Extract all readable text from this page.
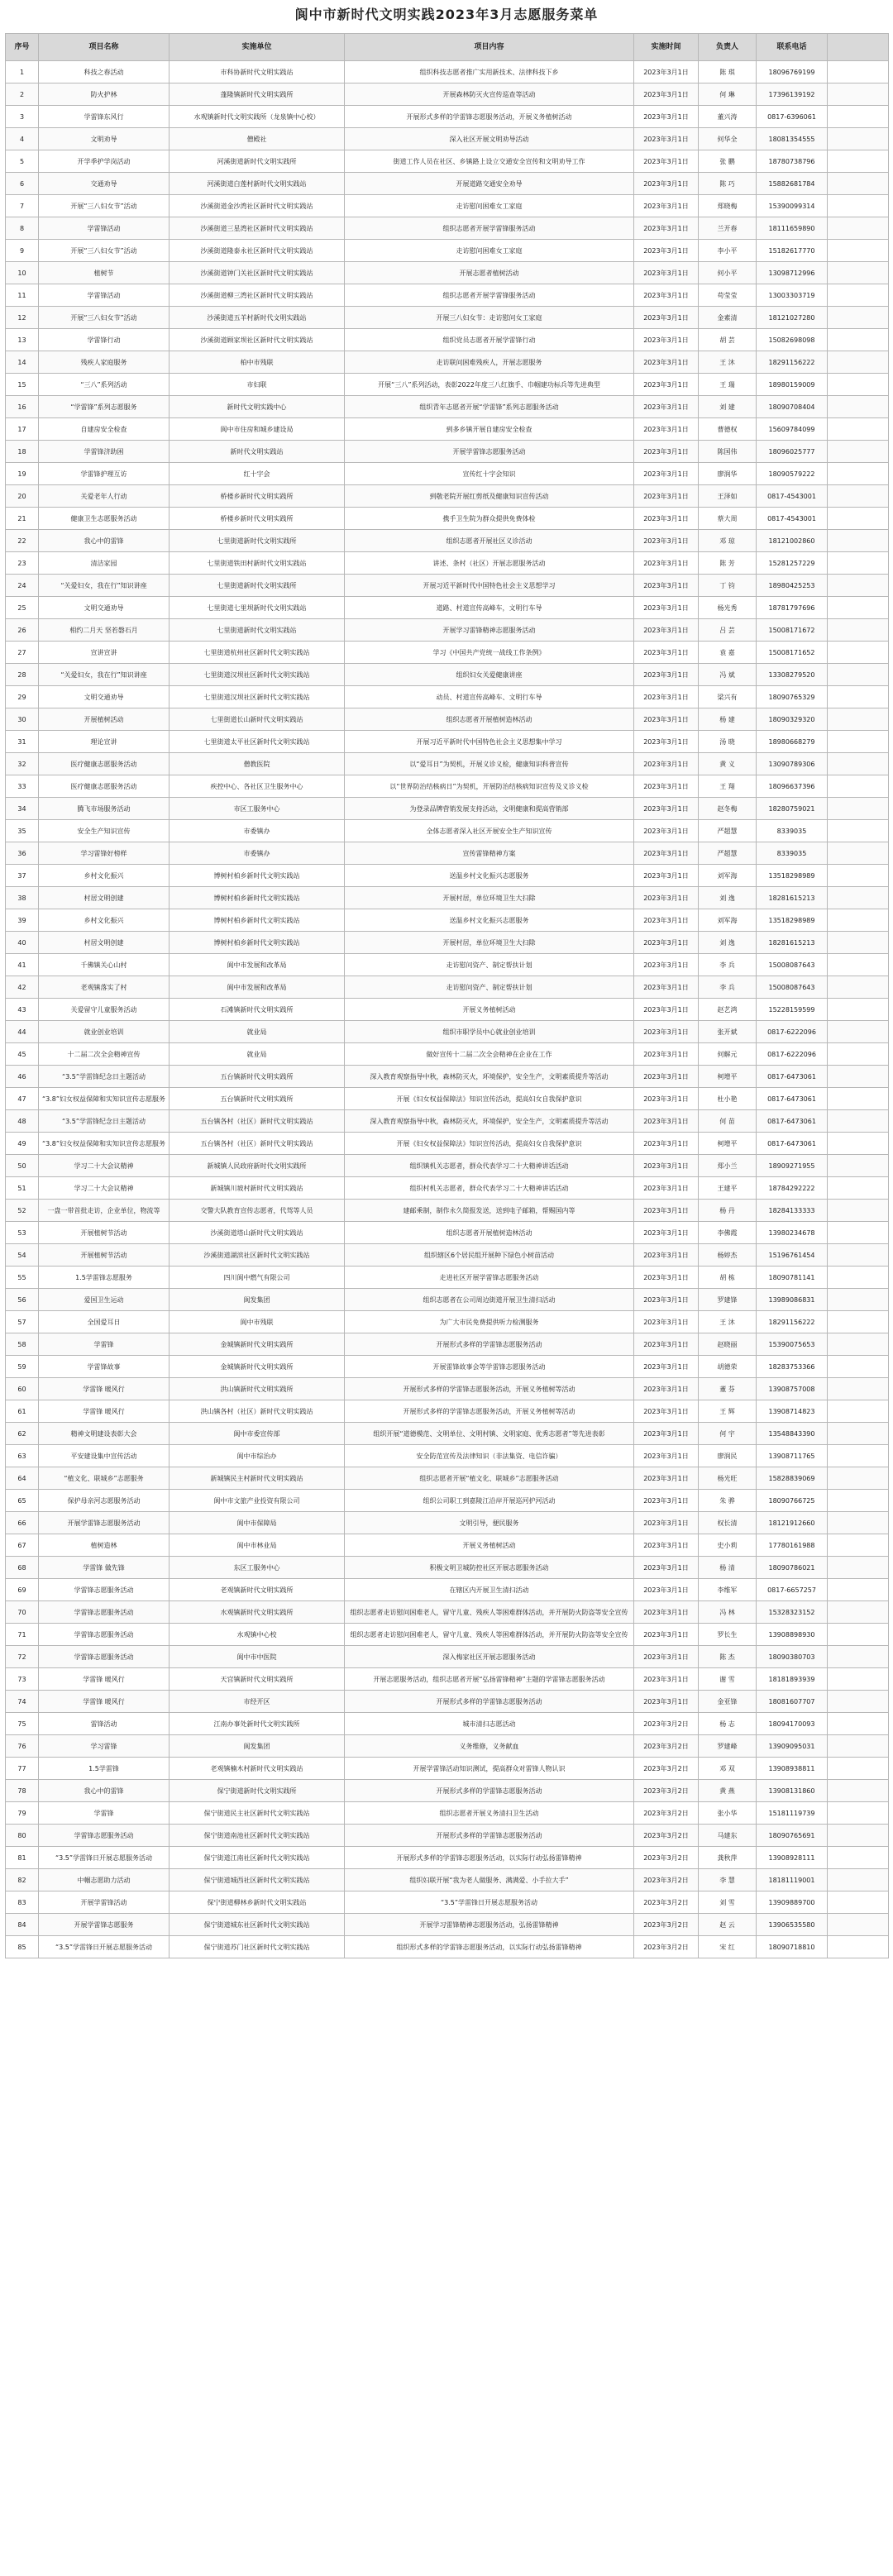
阆中市新时代文明实践2023年3月志愿服务菜单
序号	项目名称	实施单位	项目内容	实施时间	负责人	联系电话	
1	科技之春活动	市科协新时代文明实践站	组织科技志愿者推广实用新技术、法律科技下乡	2023年3月1日	陈 琪	18096769199	
2	防火护林	蓬隆镇新时代文明实践所	开展森林防灭火宣传巡查等活动	2023年3月1日	何 琳	17396139192	
3	学雷锋东风行	水观镇新时代文明实践所（龙泉镇中心校）	开展形式多样的学雷锋志愿服务活动，开展义务植树活动	2023年3月1日	董兴涛	0817-6396061	
4	文明劝导	僧殿社	深入社区开展文明劝导活动	2023年3月1日	何华全	18081354555	
5	开学季护学岗活动	河溪街道新时代文明实践所	街道工作人员在社区、乡镇路上设立交通安全宣传和文明劝导工作	2023年3月1日	张 鹏	18780738796	
6	交通劝导	河溪街道白莲村新时代文明实践站	开展道路交通安全劝导	2023年3月1日	陈 巧	15882681784	
7	开展“三八妇女节”活动	沙溪街道金沙湾社区新时代文明实践站	走访慰问困难女工家庭	2023年3月1日	郑晓梅	15390099314	
8	学雷锋活动	沙溪街道三星湾社区新时代文明实践站	组织志愿者开展学雷锋服务活动	2023年3月1日	兰开春	18111659890	
9	开展“三八妇女节”活动	沙溪街道隆泰永社区新时代文明实践站	走访慰问困难女工家庭	2023年3月1日	李小平	15182617770	
10	植树节	沙溪街道钟门关社区新时代文明实践站	开展志愿者植树活动	2023年3月1日	何小平	13098712996	
11	学雷锋活动	沙溪街道柳三湾社区新时代文明实践站	组织志愿者开展学雷锋服务活动	2023年3月1日	苟莹莹	13003303719	
12	开展“三八妇女节”活动	沙溪街道五羊村新时代文明实践站	开展三八妇女节：走访慰问女工家庭	2023年3月1日	金素清	18121027280	
13	学雷锋行动	沙溪街道顾家坝社区新时代文明实践站	组织党员志愿者开展学雷锋行动	2023年3月1日	胡 芸	15082698098	
14	残疾人家庭服务	柏中市残联	走访联问困难残疾人，开展志愿服务	2023年3月1日	王 沐	18291156222	
15	“三八”系列活动	市妇联	开展“三八”系列活动，表彰2022年度三八红旗手、巾帼建功标兵等先进典型	2023年3月1日	王 瑞	18980159009	
16	“学雷锋”系列志愿服务	新时代文明实践中心	组织青年志愿者开展“学雷锋”系列志愿服务活动	2023年3月1日	刘 建	18090708404	
17	自建房安全检查	阆中市住房和城乡建设局	到多乡镇开展自建房安全检查	2023年3月1日	曹德权	15609784099	
18	学雷锋济助困	新时代文明实践站	开展学雷锋志愿服务活动	2023年3月1日	陈国伟	18096025777	
19	学雷锋护理互访	红十字会	宣传红十字会知识	2023年3月1日	廖润华	18090579222	
20	关爱老年人行动	桥楼乡新时代文明实践所	到敬老院开展红剪纸及健康知识宣传活动	2023年3月1日	王泽如	0817-4543001	
21	健康卫生志愿服务活动	桥楼乡新时代文明实践所	携手卫生院为群众提供免费体检	2023年3月1日	蔡大周	0817-4543001	
22	我心中的雷锋	七里街道新时代文明实践所	组织志愿者开展社区义诊活动	2023年3月1日	邓 琼	18121002860	
23	清洁家园	七里街道铁田村新时代文明实践站	讲述、条村（社区）开展志愿服务活动	2023年3月1日	陈 芳	15281257229	
24	“关爱妇女，我在行”知识讲座	七里街道新时代文明实践所	开展习近平新时代中国特色社会主义思想学习	2023年3月1日	丁 钧	18980425253	
25	文明交通劝导	七里街道七里坝新时代文明实践站	道路、村道宣传高峰车，文明行车导	2023年3月1日	杨光秀	18781797696	
26	相约二月天 坚若磐石月	七里街道新时代文明实践站	开展学习雷锋精神志愿服务活动	2023年3月1日	吕 芸	15008171672	
27	宣讲宣讲	七里街道杭州社区新时代文明实践站	学习《中国共产党统一战线工作条例》	2023年3月1日	袁 嘉	15008171652	
28	“关爱妇女，我在行”知识讲座	七里街道汉坝社区新时代文明实践站	组织妇女关爱健康讲座	2023年3月1日	冯 斌	13308279520	
29	文明交通劝导	七里街道汉坝社区新时代文明实践站	动员、村道宣传高峰车、文明行车导	2023年3月1日	梁兴有	18090765329	
30	开展植树活动	七里街道长山新时代文明实践站	组织志愿者开展植树造林活动	2023年3月1日	杨 建	18090329320	
31	理论宣讲	七里街道太平社区新时代文明实践站	开展习近平新时代中国特色社会主义思想集中学习	2023年3月1日	汤 晓	18980668279	
32	医疗健康志愿服务活动	僧教医院	以“爱耳日”为契机，开展义诊义检，健康知识科普宣传	2023年3月1日	黄 义	13090789306	
33	医疗健康志愿服务活动	疾控中心、各社区卫生服务中心	以“世界防治结核病日”为契机，开展防治结核病知识宣传及义诊义检	2023年3月1日	王 翔	18096637396	
34	腾飞市场服务活动	市区工服务中心	为登录品牌营销发展支持活动，文明健康和提高营销部	2023年3月1日	赵冬梅	18280759021	
35	安全生产知识宣传	市委镇办	全体志愿者深入社区开展安全生产知识宣传	2023年3月1日	严超慧	8339035	
36	学习雷锋好榜样	市委镇办	宣传雷锋精神方案	2023年3月1日	严超慧	8339035	
37	乡村文化振兴	博树村柏乡新时代文明实践站	送温乡村文化振兴志愿服务	2023年3月1日	刘军海	13518298989	
38	村居文明创建	博树村柏乡新时代文明实践站	开展村居，单位环境卫生大扫除	2023年3月1日	刘 逸	18281615213	
39	乡村文化振兴	博树村柏乡新时代文明实践站	送温乡村文化振兴志愿服务	2023年3月1日	刘军海	13518298989	
40	村居文明创建	博树村柏乡新时代文明实践站	开展村居，单位环境卫生大扫除	2023年3月1日	刘 逸	18281615213	
41	千佛镇关心山村	阆中市发展和改革局	走访慰问资产、制定帮扶计划	2023年3月1日	李 兵	15008087643	
42	老观镇落实了村	阆中市发展和改革局	走访慰问资产、制定帮扶计划	2023年3月1日	李 兵	15008087643	
43	关爱留守儿童服务活动	石滩镇新时代文明实践所	开展义务植树活动	2023年3月1日	赵艺鸿	15228159599	
44	就业创业培训	就业局	组织市职学员中心就业创业培训	2023年3月1日	张开斌	0817-6222096	
45	十二届二次全会精神宣传	就业局	做好宣传十二届二次全会精神在企业在工作	2023年3月1日	何解元	0817-6222096	
46	“3.5”学雷锋纪念日主题活动	五台镇新时代文明实践所	深入教育观察指导中秋，森林防灭火，环境保护，安全生产，文明素质提升等活动	2023年3月1日	柯增平	0817-6473061	
47	“3.8”妇女权益保障和实知识宣传志愿服务	五台镇新时代文明实践所	开展《妇女权益保障法》知识宣传活动，提高妇女自我保护意识	2023年3月1日	杜小艳	0817-6473061	
48	“3.5”学雷锋纪念日主题活动	五台镇各村（社区）新时代文明实践站	深入教育观察指导中秋，森林防灭火，环境保护，安全生产，文明素质提升等活动	2023年3月1日	何 苗	0817-6473061	
49	“3.8”妇女权益保障和实知识宣传志愿服务	五台镇各村（社区）新时代文明实践站	开展《妇女权益保障法》知识宣传活动，提高妇女自我保护意识	2023年3月1日	柯增平	0817-6473061	
50	学习二十大会议精神	新城镇人民政府新时代文明实践所	组织镇机关志愿者，群众代表学习二十大精神讲话活动	2023年3月1日	郑小兰	18909271955	
51	学习二十大会议精神	新城镇川坡村新时代文明实践站	组织村机关志愿者，群众代表学习二十大精神讲话活动	2023年3月1日	王建平	18784292222	
52	一盘一带首批走访，企业单位，物流等	交警大队教育宣传志愿者，代驾等人员	建邮乘制，制作永久简报发送，送到电子邮箱，帮赐国内等	2023年3月1日	杨 丹	18284133333	
53	开展植树节活动	沙溪街道塔山新时代文明实践站	组织志愿者开展植树造林活动	2023年3月1日	李佛霞	13980234678	
54	开展植树节活动	沙溪街道湖滨社区新时代文明实践站	组织辖区6个居民组开展种下绿色小树苗活动	2023年3月1日	杨婷杰	15196761454	
55	1.5学雷锋志愿服务	四川阆中燃气有限公司	走进社区开展学雷锋志愿服务活动	2023年3月1日	胡 栋	18090781141	
56	爱国卫生运动	阆发集团	组织志愿者在公司周边街道开展卫生清扫活动	2023年3月1日	罗建锋	13989086831	
57	全国爱耳日	阆中市残联	为广大市民免费提供听力检测服务	2023年3月1日	王 沐	18291156222	
58	学雷锋	金城镇新时代文明实践所	开展形式多样的学雷锋志愿服务活动	2023年3月1日	赵晓丽	15390075653	
59	学雷锋故事	金城镇新时代文明实践所	开展雷锋故事会等学雷锋志愿服务活动	2023年3月1日	胡德荣	18283753366	
60	学雷锋 暖风行	洪山镇新时代文明实践所	开展形式多样的学雷锋志愿服务活动，开展义务植树等活动	2023年3月1日	董 芬	13908757008	
61	学雷锋 暖风行	洪山镇各村（社区）新时代文明实践站	开展形式多样的学雷锋志愿服务活动，开展义务植树等活动	2023年3月1日	王 辉	13908714823	
62	精神文明建设表彰大会	阆中市委宣传部	组织开展“道德模范、文明单位、文明村镇、文明家庭、优秀志愿者”等先进表彰	2023年3月1日	何 宇	13548843390	
63	平安建设集中宣传活动	阆中市综治办	安全防范宣传及法律知识（非法集资、电信诈骗）	2023年3月1日	廖润民	13908711765	
64	“植文化、联城乡”志愿服务	新城镇民主村新时代文明实践站	组织志愿者开展“植文化、联城乡”志愿服务活动	2023年3月1日	杨光旺	15828839069	
65	保护母亲河志愿服务活动	阆中市文旅产业投资有限公司	组织公司职工到嘉陵江沿岸开展巡河护河活动	2023年3月1日	朱 骅	18090766725	
66	开展学雷锋志愿服务活动	阆中市保障局	文明引导，便民服务	2023年3月1日	权长清	18121912660	
67	植树造林	阆中市林业局	开展义务植树活动	2023年3月1日	史小莉	17780161988	
68	学雷锋 做先锋	东区工服务中心	积极文明卫城防控社区开展志愿服务活动	2023年3月1日	杨 清	18090786021	
69	学雷锋志愿服务活动	老观镇新时代文明实践所	在辖区内开展卫生清扫活动	2023年3月1日	李维军	0817-6657257	
70	学雷锋志愿服务活动	水观镇新时代文明实践所	组织志愿者走访慰问困难老人，留守儿童、残疾人等困难群体活动，并开展防火防盗等安全宣传	2023年3月1日	冯 林	15328323152	
71	学雷锋志愿服务活动	水观镇中心校	组织志愿者走访慰问困难老人，留守儿童、残疾人等困难群体活动，并开展防火防盗等安全宣传	2023年3月1日	罗长生	13908898930	
72	学雷锋志愿服务活动	阆中市中医院	深入梅家社区开展志愿服务活动	2023年3月1日	陈 杰	18090380703	
73	学雷锋 暖风行	天宫镇新时代文明实践所	开展志愿服务活动，组织志愿者开展“弘扬雷锋精神”主题的学雷锋志愿服务活动	2023年3月1日	谢 雪	18181893939	
74	学雷锋 暖风行	市经开区	开展形式多样的学雷锋志愿服务活动	2023年3月1日	金亚锋	18081607707	
75	雷锋活动	江南办事处新时代文明实践所	城市清扫志愿活动	2023年3月2日	杨 志	18094170093	
76	学习雷锋	阆发集团	义务维修，义务献血	2023年3月2日	罗建峰	13909095031	
77	1.5学雷锋	老观镇楠木村新时代文明实践站	开展学雷锋活动知识测试，提高群众对雷锋人物认识	2023年3月2日	邓 双	13908938811	
78	我心中的雷锋	保宁街道新时代文明实践所	开展形式多样的学雷锋志愿服务活动	2023年3月2日	黄 燕	13908131860	
79	学雷锋	保宁街道民主社区新时代文明实践站	组织志愿者开展义务清扫卫生活动	2023年3月2日	张小华	15181119739	
80	学雷锋志愿服务活动	保宁街道南池社区新时代文明实践站	开展形式多样的学雷锋志愿服务活动	2023年3月2日	马建东	18090765691	
81	“3.5”学雷锋日开展志愿服务活动	保宁街道江南社区新时代文明实践站	开展形式多样的学雷锋志愿服务活动，以实际行动弘扬雷锋精神	2023年3月2日	龚秋萍	13908928111	
82	中帼志愿助力活动	保宁街道城西社区新时代文明实践站	组织妇联开展“我为老人做服务、满满爱、小手拉大手”	2023年3月2日	李 慧	18181119001	
83	开展学雷锋活动	保宁街道柳林乡新时代文明实践站	“3.5”学雷锋日开展志愿服务活动	2023年3月2日	刘 雪	13909889700	
84	开展学雷锋志愿服务	保宁街道城东社区新时代文明实践站	开展学习雷锋精神志愿服务活动，弘扬雷锋精神	2023年3月2日	赵 云	13906535580	
85	“3.5”学雷锋日开展志愿服务活动	保宁街道苏门社区新时代文明实践站	组织形式多样的学雷锋志愿服务活动，以实际行动弘扬雷锋精神	2023年3月2日	宋 红	18090718810	
